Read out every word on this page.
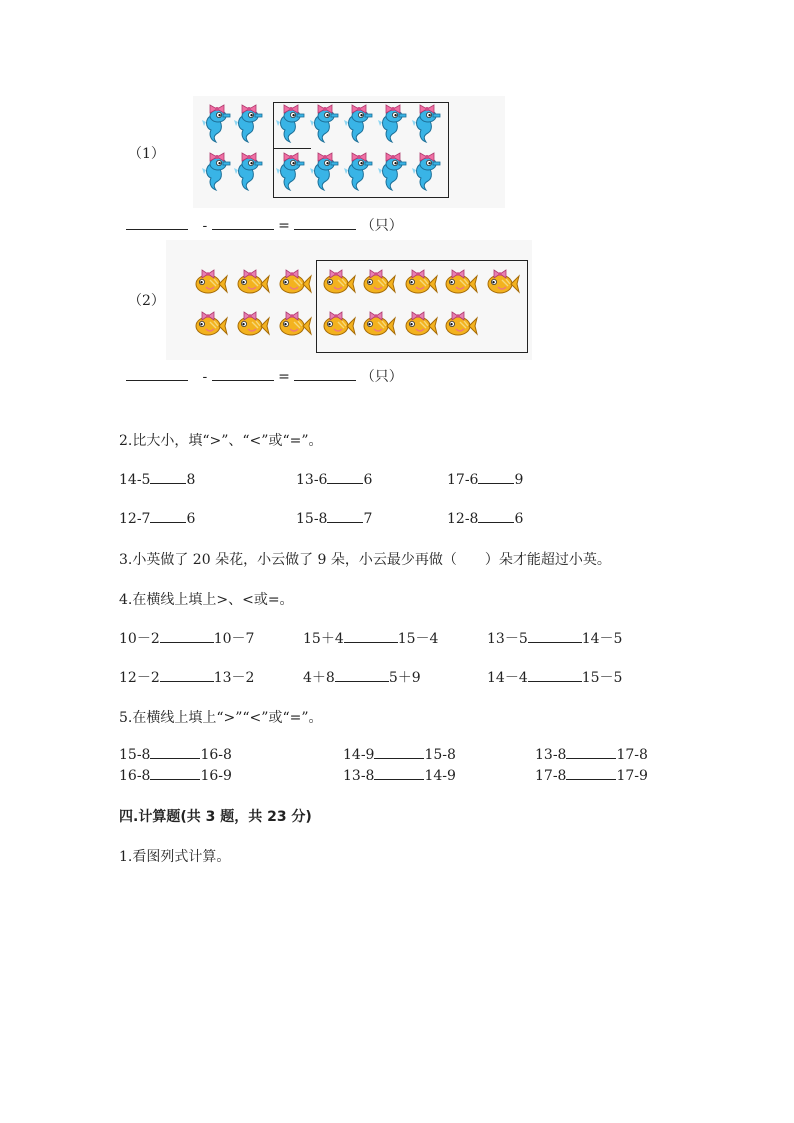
（1）
-	=	（只）
（2）
-	=	（只）
2.比大小，填“>”、“<”或“=”。
14-5	8	13-6	6	17-6	9
12-7	6	15-8	7	12-8	6
3.小英做了 20 朵花，小云做了 9 朵，小云最少再做（　　）朵才能超过小英。
4.在横线上填上>、<或=。
10－2	10－7	15＋4	15－4	13－5	14－5
12－2	13－2	4＋8	5＋9	14－4	15－5
5.在横线上填上“>”“<”或“=”。
15-8	16-8	14-9	15-8	13-8	17-8
16-8	16-9	13-8	14-9	17-8	17-9
四.计算题(共 3 题，共 23 分)
1.看图列式计算。
